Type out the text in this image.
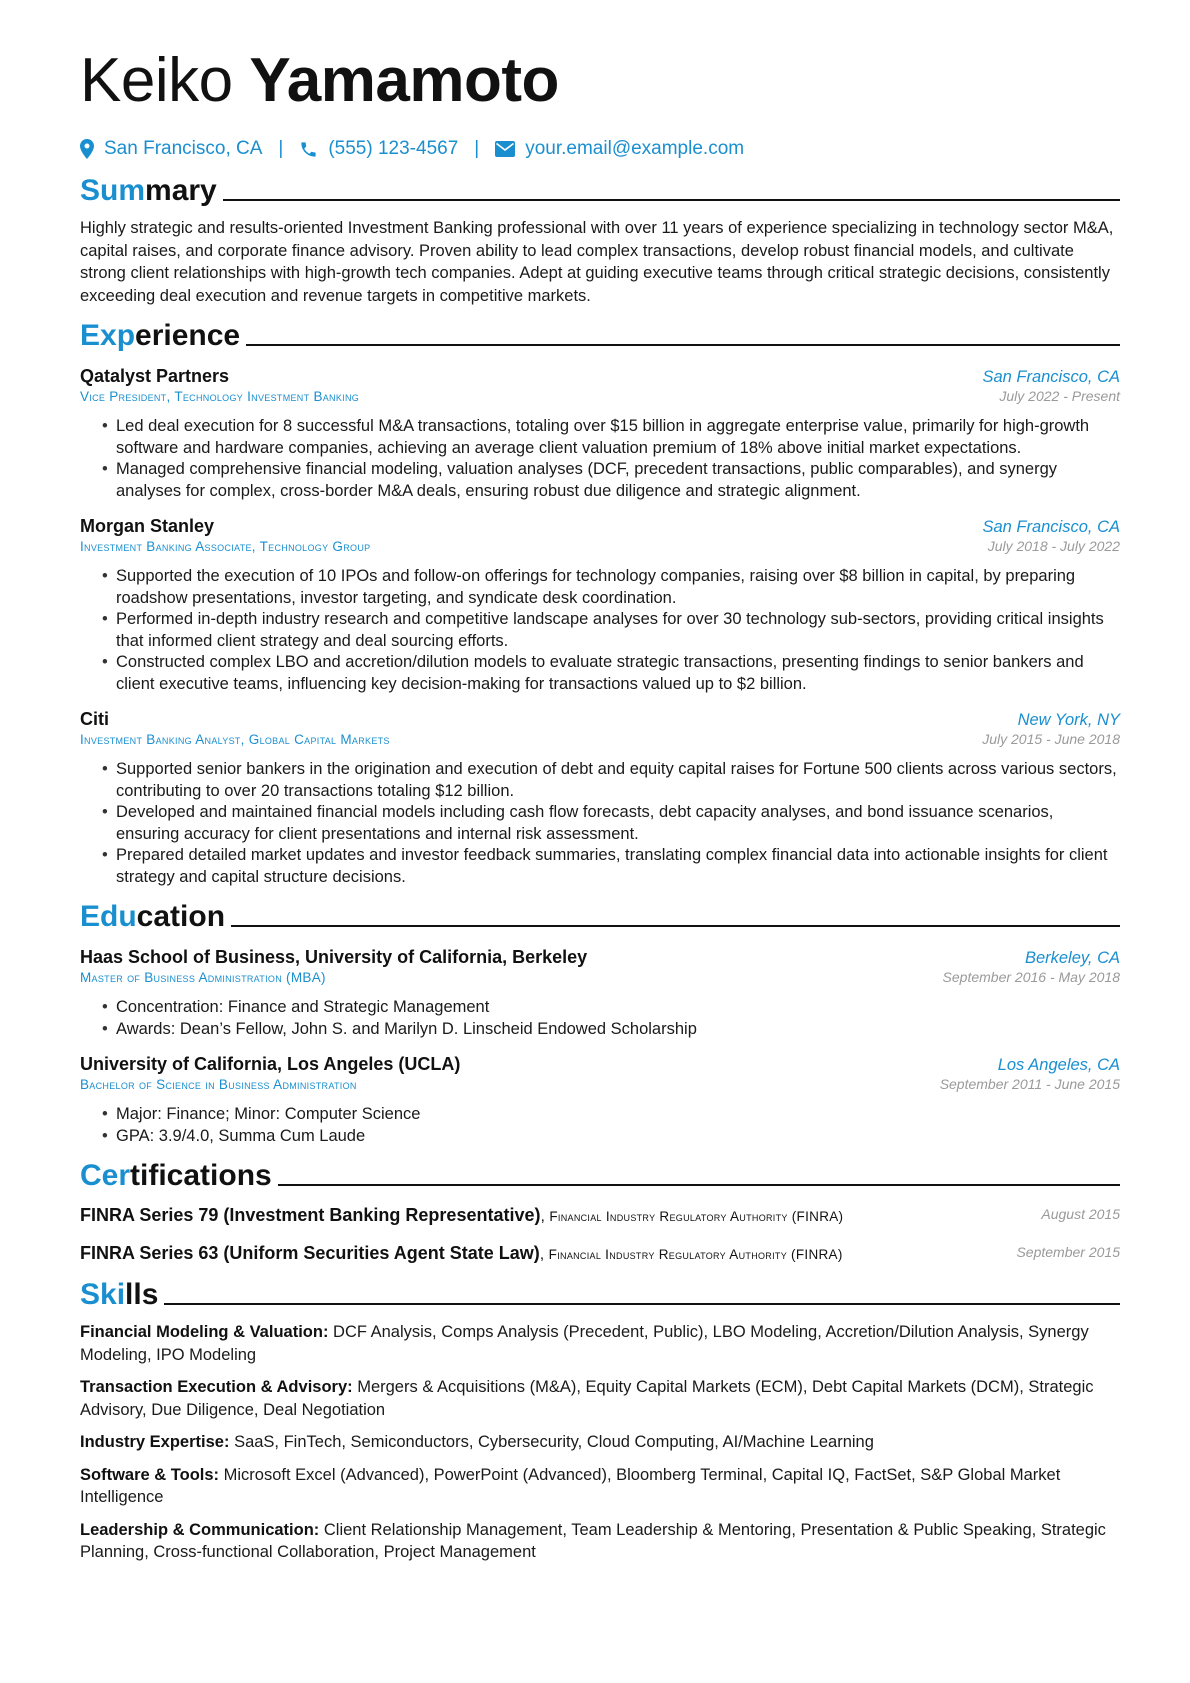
Keiko Yamamoto
San Francisco, CA | (555) 123-4567 | your.email@example.com
Summary
Highly strategic and results-oriented Investment Banking professional with over 11 years of experience specializing in technology sector M&A, capital raises, and corporate finance advisory. Proven ability to lead complex transactions, develop robust financial models, and cultivate strong client relationships with high-growth tech companies. Adept at guiding executive teams through critical strategic decisions, consistently exceeding deal execution and revenue targets in competitive markets.
Experience
Qatalyst Partners	San Francisco, CA
Vice President, Technology Investment Banking	July 2022 - Present
• Led deal execution for 8 successful M&A transactions, totaling over $15 billion in aggregate enterprise value, primarily for high-growth software and hardware companies, achieving an average client valuation premium of 18% above initial market expectations.
• Managed comprehensive financial modeling, valuation analyses (DCF, precedent transactions, public comparables), and synergy analyses for complex, cross-border M&A deals, ensuring robust due diligence and strategic alignment.
Morgan Stanley	San Francisco, CA
Investment Banking Associate, Technology Group	July 2018 - July 2022
• Supported the execution of 10 IPOs and follow-on offerings for technology companies, raising over $8 billion in capital, by preparing roadshow presentations, investor targeting, and syndicate desk coordination.
• Performed in-depth industry research and competitive landscape analyses for over 30 technology sub-sectors, providing critical insights that informed client strategy and deal sourcing efforts.
• Constructed complex LBO and accretion/dilution models to evaluate strategic transactions, presenting findings to senior bankers and client executive teams, influencing key decision-making for transactions valued up to $2 billion.
Citi	New York, NY
Investment Banking Analyst, Global Capital Markets	July 2015 - June 2018
• Supported senior bankers in the origination and execution of debt and equity capital raises for Fortune 500 clients across various sectors, contributing to over 20 transactions totaling $12 billion.
• Developed and maintained financial models including cash flow forecasts, debt capacity analyses, and bond issuance scenarios, ensuring accuracy for client presentations and internal risk assessment.
• Prepared detailed market updates and investor feedback summaries, translating complex financial data into actionable insights for client strategy and capital structure decisions.
Education
Haas School of Business, University of California, Berkeley	Berkeley, CA
Master of Business Administration (MBA)	September 2016 - May 2018
• Concentration: Finance and Strategic Management
• Awards: Dean’s Fellow, John S. and Marilyn D. Linscheid Endowed Scholarship
University of California, Los Angeles (UCLA)	Los Angeles, CA
Bachelor of Science in Business Administration	September 2011 - June 2015
• Major: Finance; Minor: Computer Science
• GPA: 3.9/4.0, Summa Cum Laude
Certifications
FINRA Series 79 (Investment Banking Representative), Financial Industry Regulatory Authority (FINRA)	August 2015
FINRA Series 63 (Uniform Securities Agent State Law), Financial Industry Regulatory Authority (FINRA)	September 2015
Skills
Financial Modeling & Valuation: DCF Analysis, Comps Analysis (Precedent, Public), LBO Modeling, Accretion/Dilution Analysis, Synergy Modeling, IPO Modeling
Transaction Execution & Advisory: Mergers & Acquisitions (M&A), Equity Capital Markets (ECM), Debt Capital Markets (DCM), Strategic Advisory, Due Diligence, Deal Negotiation
Industry Expertise: SaaS, FinTech, Semiconductors, Cybersecurity, Cloud Computing, AI/Machine Learning
Software & Tools: Microsoft Excel (Advanced), PowerPoint (Advanced), Bloomberg Terminal, Capital IQ, FactSet, S&P Global Market Intelligence
Leadership & Communication: Client Relationship Management, Team Leadership & Mentoring, Presentation & Public Speaking, Strategic Planning, Cross-functional Collaboration, Project Management
